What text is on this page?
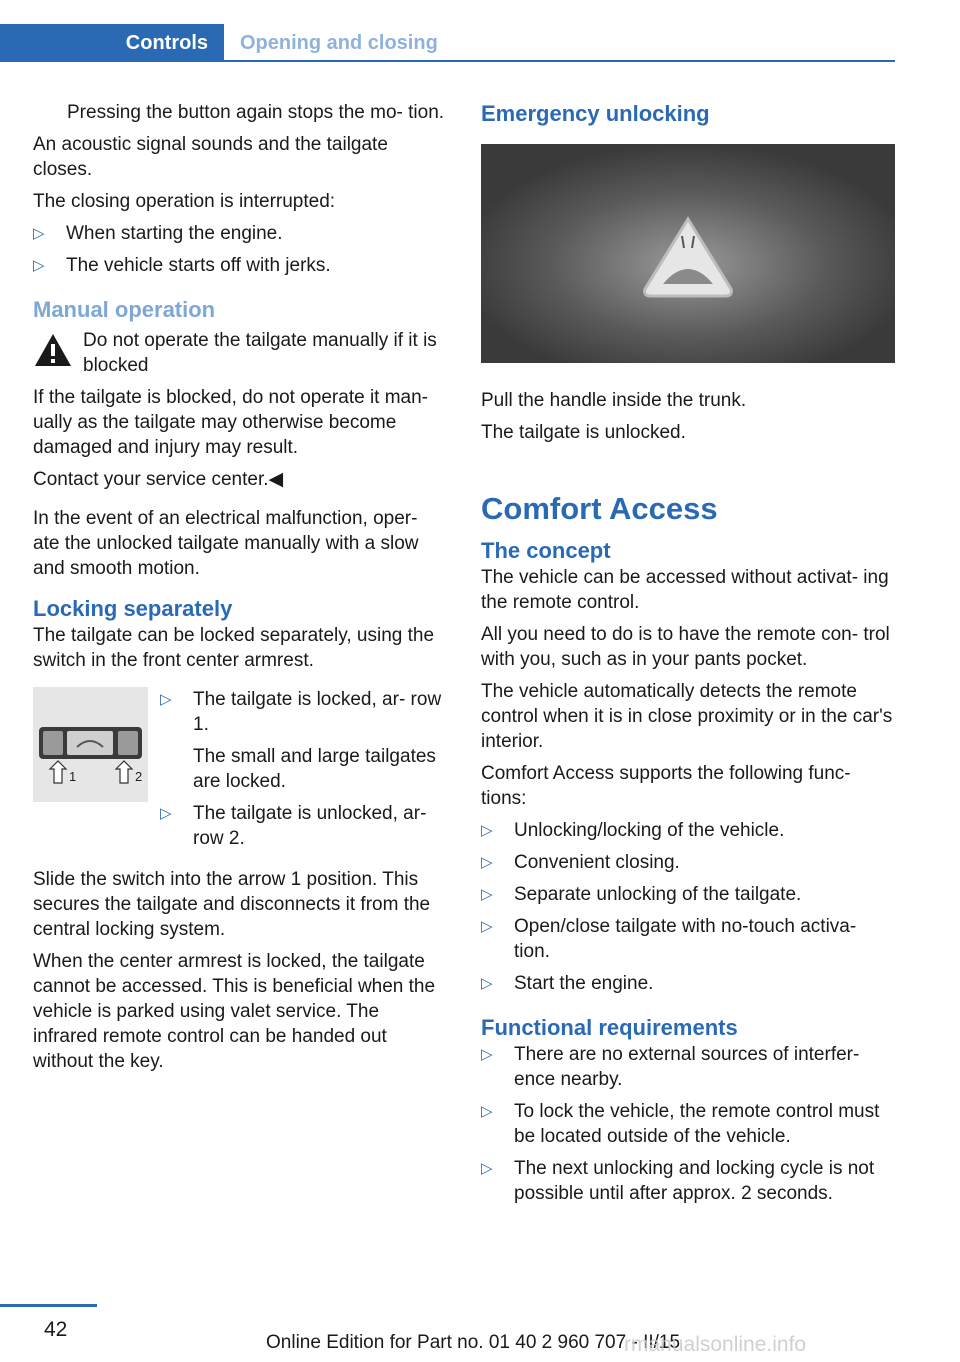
Controls	Opening and closing

Pressing the button again stops the mo‐ tion.

An acoustic signal sounds and the tailgate closes.

The closing operation is interrupted:

▷ When starting the engine.
▷ The vehicle starts off with jerks.
Manual operation
Do not operate the tailgate manually if it is blocked

If the tailgate is blocked, do not operate it man‐ ually as the tailgate may otherwise become damaged and injury may result.

Contact your service center.◀

In the event of an electrical malfunction, oper‐ ate the unlocked tailgate manually with a slow and smooth motion.

Locking separately

The tailgate can be locked separately, using the switch in the front center armrest.

1	2
▷ The tailgate is locked, ar‐ row 1.
The small and large tailgates are locked.
▷ The tailgate is unlocked, ar‐ row 2.

Slide the switch into the arrow 1 position. This secures the tailgate and disconnects it from the central locking system.

When the center armrest is locked, the tailgate cannot be accessed. This is beneficial when the vehicle is parked using valet service. The infrared remote control can be handed out without the key.

Emergency unlocking

Pull the handle inside the trunk.

The tailgate is unlocked.

Comfort Access
The concept

The vehicle can be accessed without activat‐ ing the remote control.

All you need to do is to have the remote con‐ trol with you, such as in your pants pocket.

The vehicle automatically detects the remote control when it is in close proximity or in the car's interior.

Comfort Access supports the following func‐ tions:

▷ Unlocking/locking of the vehicle.
▷ Convenient closing.
▷ Separate unlocking of the tailgate.
▷ Open/close tailgate with no-touch activa‐ tion.
▷ Start the engine.
Functional requirements
▷ There are no external sources of interfer‐ ence nearby.
▷ To lock the vehicle, the remote control must be located outside of the vehicle.
▷ The next unlocking and locking cycle is not possible until after approx. 2 seconds.
42
Online Edition for Part no. 01 40 2 960 707 - II/15
rmanualsonline.info
